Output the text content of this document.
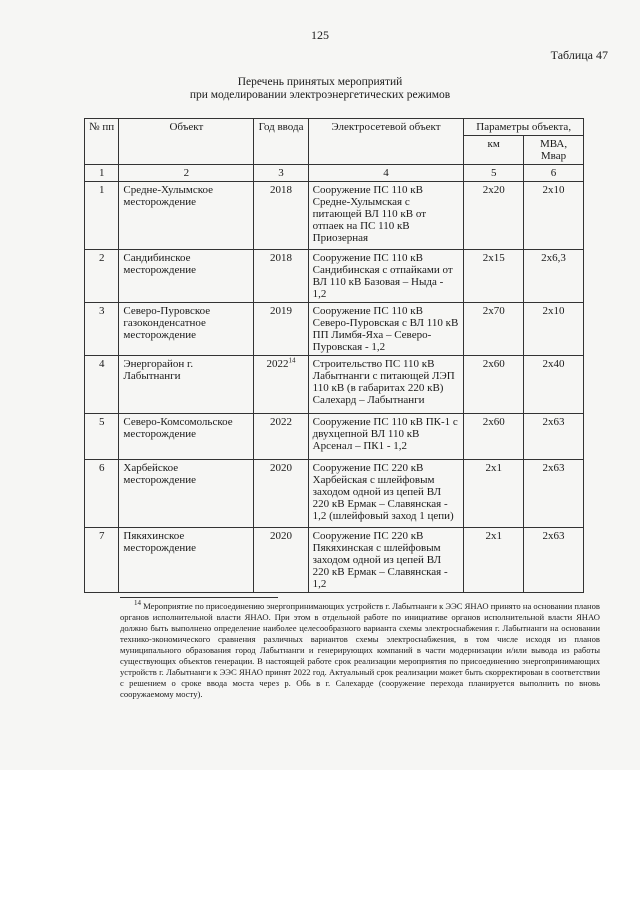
125
Таблица 47
Перечень принятых мероприятий
при моделировании электроэнергетических режимов
№ пп	Объект	Год ввода	Электросетевой объект	Параметры объекта,	
				км	МВА, Мвар
1	2	3	4	5	6
1	Средне-Хулымское месторождение	2018	Сооружение ПС 110 кВ Средне-Хулымская с питающей ВЛ 110 кВ от отпаек на ПС 110 кВ Приозерная	2х20	2х10
2	Сандибинское месторождение	2018	Сооружение ПС 110 кВ Сандибинская с отпайками от ВЛ 110 кВ Базовая – Ныда - 1,2	2х15	2х6,3
3	Северо-Пуровское газоконденсатное месторождение	2019	Сооружение ПС 110 кВ Северо-Пуровская с ВЛ 110 кВ ПП Лимбя-Яха – Северо-Пуровская - 1,2	2х70	2х10
4	Энергорайон г. Лабытнанги	2022$^{14}$	Строительство ПС 110 кВ Лабытнанги с питающей ЛЭП 110 кВ (в габаритах 220 кВ) Салехард – Лабытнанги	2х60	2х40
5	Северо-Комсомольское месторождение	2022	Сооружение ПС 110 кВ ПК-1 с двухцепной ВЛ 110 кВ Арсенал – ПК1 - 1,2	2х60	2х63
6	Харбейское месторождение	2020	Сооружение ПС 220 кВ Харбейская с шлейфовым заходом одной из цепей ВЛ 220 кВ Ермак – Славянская - 1,2 (шлейфовый заход 1 цепи)	2х1	2х63
7	Пякяхинское месторождение	2020	Сооружение ПС 220 кВ Пякяхинская с шлейфовым заходом одной из цепей ВЛ 220 кВ Ермак – Славянская - 1,2	2х1	2х63
$^{14}$ Мероприятие по присоединению энергопринимающих устройств г. Лабытнанги к ЭЭС ЯНАО принято на основании планов органов исполнительной власти ЯНАО. При этом в отдельной работе по инициативе органов исполнительной власти ЯНАО должно быть выполнено определение наиболее целесообразного варианта схемы электроснабжения г. Лабытнанги на основании технико-экономического сравнения различных вариантов схемы электроснабжения, в том числе исходя из планов муниципального образования город Лабытнанги и генерирующих компаний в части модернизации и/или вывода из работы существующих объектов генерации. В настоящей работе срок реализации мероприятия по присоединению энергопринимающих устройств г. Лабытнанги к ЭЭС ЯНАО принят 2022 год. Актуальный срок реализации может быть скорректирован в соответствии с решением о сроке ввода моста через р. Обь в г. Салехарде (сооружение перехода планируется выполнить по вновь сооружаемому мосту).
